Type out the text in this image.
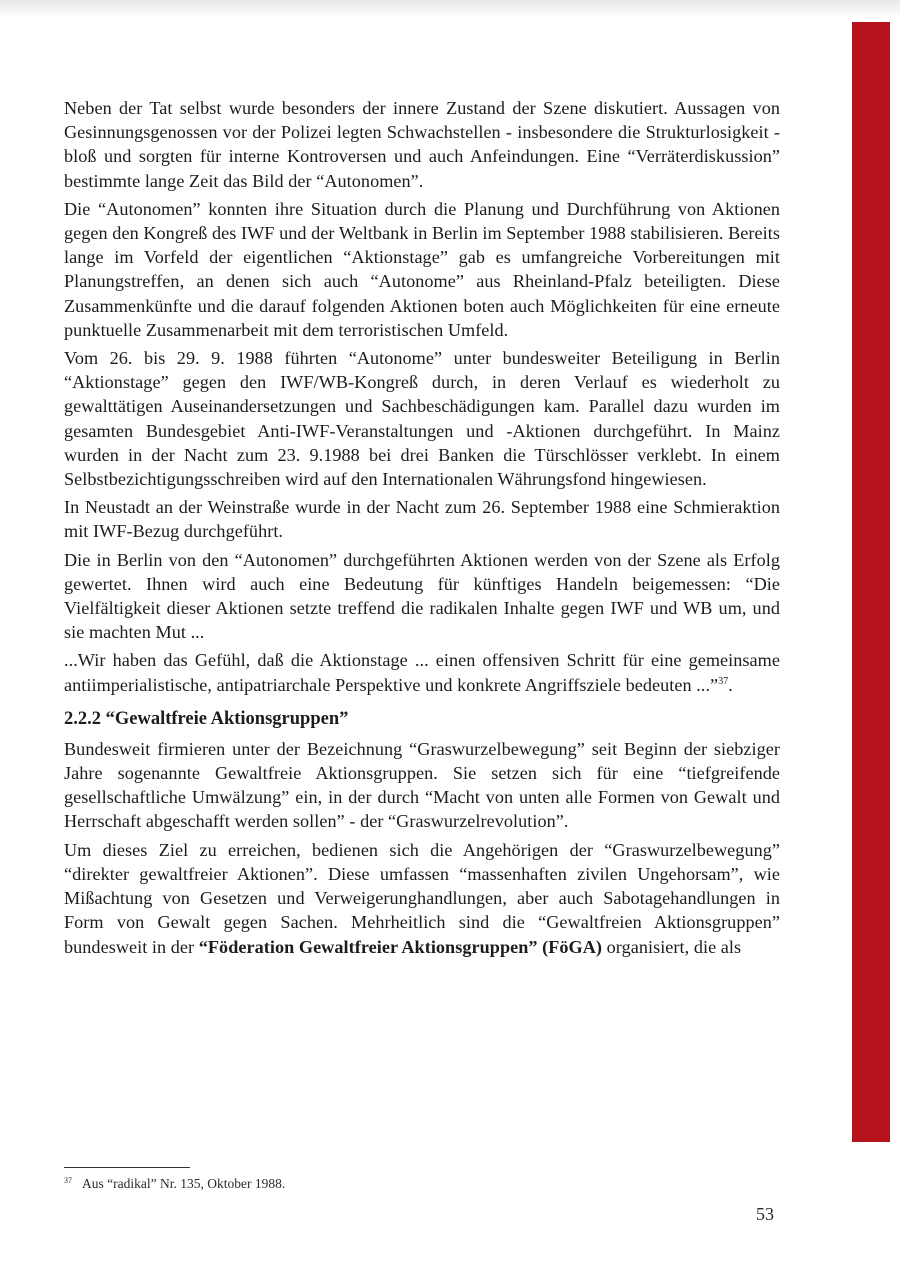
Neben der Tat selbst wurde besonders der innere Zustand der Szene diskutiert. Aussagen von Gesinnungsgenossen vor der Polizei legten Schwachstellen - insbesondere die Strukturlosigkeit - bloß und sorgten für interne Kontroversen und auch Anfeindungen. Eine “Verräterdiskussion” bestimmte lange Zeit das Bild der “Autonomen”.

Die “Autonomen” konnten ihre Situation durch die Planung und Durchführung von Aktionen gegen den Kongreß des IWF und der Weltbank in Berlin im September 1988 stabilisieren. Bereits lange im Vorfeld der eigentlichen “Aktionstage” gab es umfangreiche Vorbereitungen mit Planungstreffen, an denen sich auch “Autonome” aus Rheinland-Pfalz beteiligten. Diese Zusammenkünfte und die darauf folgenden Aktionen boten auch Möglichkeiten für eine erneute punktuelle Zusammenarbeit mit dem terroristischen Umfeld.

Vom 26. bis 29. 9. 1988 führten “Autonome” unter bundesweiter Beteiligung in Berlin “Aktionstage” gegen den IWF/WB-Kongreß durch, in deren Verlauf es wiederholt zu gewalttätigen Auseinandersetzungen und Sachbeschädigungen kam. Parallel dazu wurden im gesamten Bundesgebiet Anti-IWF-Veranstaltungen und -Aktionen durchgeführt. In Mainz wurden in der Nacht zum 23. 9.1988 bei drei Banken die Türschlösser verklebt. In einem Selbstbezichtigungsschreiben wird auf den Internationalen Währungsfond hingewiesen.

In Neustadt an der Weinstraße wurde in der Nacht zum 26. September 1988 eine Schmieraktion mit IWF-Bezug durchgeführt.

Die in Berlin von den “Autonomen” durchgeführten Aktionen werden von der Szene als Erfolg gewertet. Ihnen wird auch eine Bedeutung für künftiges Handeln beigemessen: “Die Vielfältigkeit dieser Aktionen setzte treffend die radikalen Inhalte gegen IWF und WB um, und sie machten Mut ...

...Wir haben das Gefühl, daß die Aktionstage ... einen offensiven Schritt für eine gemeinsame antiimperialistische, antipatriarchale Perspektive und konkrete Angriffsziele bedeuten ...”$^{37}$.

2.2.2 “Gewaltfreie Aktionsgruppen”

Bundesweit firmieren unter der Bezeichnung “Graswurzelbewegung” seit Beginn der siebziger Jahre sogenannte Gewaltfreie Aktionsgruppen. Sie setzen sich für eine “tiefgreifende gesellschaftliche Umwälzung” ein, in der durch “Macht von unten alle Formen von Gewalt und Herrschaft abgeschafft werden sollen” - der “Graswurzelrevolution”.

Um dieses Ziel zu erreichen, bedienen sich die Angehörigen der “Graswurzelbewegung” “direkter gewaltfreier Aktionen”. Diese umfassen “massenhaften zivilen Ungehorsam”, wie Mißachtung von Gesetzen und Verweigerunghandlungen, aber auch Sabotagehandlungen in Form von Gewalt gegen Sachen. Mehrheitlich sind die “Gewaltfreien Aktionsgruppen” bundesweit in der “Föderation Gewaltfreier Aktionsgruppen” (FöGA) organisiert, die als

$^{37}$ Aus “radikal” Nr. 135, Oktober 1988.
53
